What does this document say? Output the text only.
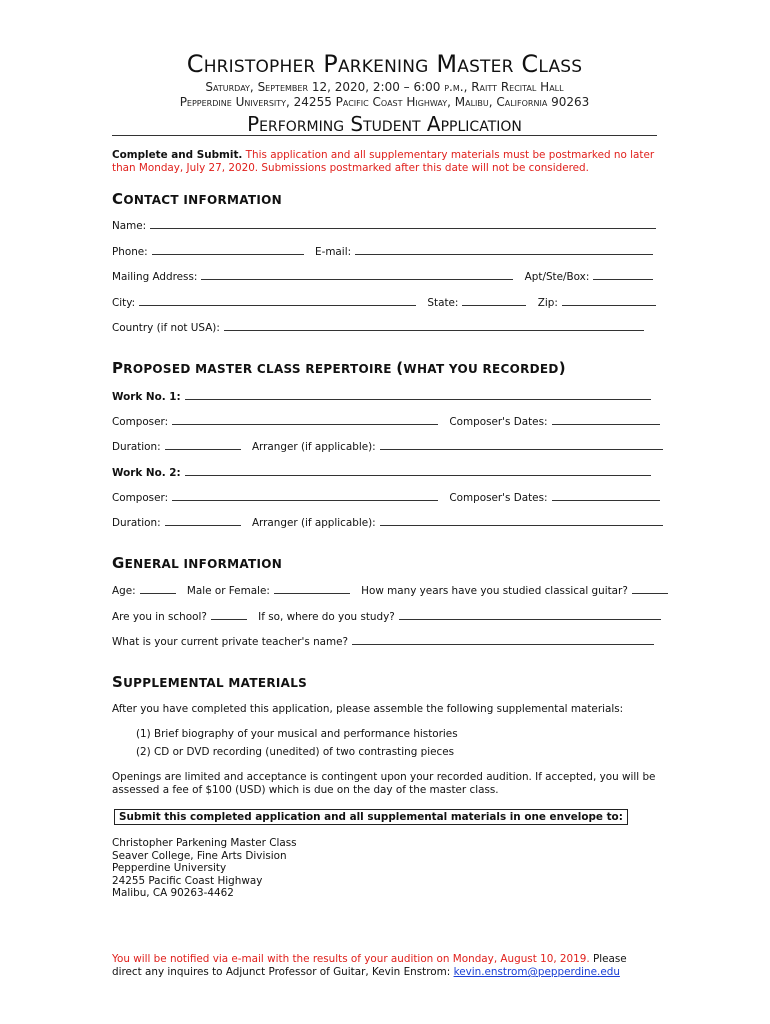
Christopher Parkening Master Class
Saturday, September 12, 2020, 2:00 – 6:00 p.m., Raitt Recital Hall
Pepperdine University, 24255 Pacific Coast Highway, Malibu, California 90263
Performing Student Application
Complete and Submit. This application and all supplementary materials must be postmarked no later than Monday, July 27, 2020. Submissions postmarked after this date will not be considered.
CONTACT INFORMATION
Name:
Phone:	E-mail:
Mailing Address:	Apt/Ste/Box:
City:	State:	Zip:
Country (if not USA):
PROPOSED MASTER CLASS REPERTOIRE (WHAT YOU RECORDED)
Work No. 1:
Composer:	Composer's Dates:
Duration:	Arranger (if applicable):
Work No. 2:
Composer:	Composer's Dates:
Duration:	Arranger (if applicable):
GENERAL INFORMATION
Age:	Male or Female:	How many years have you studied classical guitar?
Are you in school?	If so, where do you study?
What is your current private teacher's name?
SUPPLEMENTAL MATERIALS
After you have completed this application, please assemble the following supplemental materials:
(1) Brief biography of your musical and performance histories
(2) CD or DVD recording (unedited) of two contrasting pieces
Openings are limited and acceptance is contingent upon your recorded audition. If accepted, you will be assessed a fee of $100 (USD) which is due on the day of the master class.
Submit this completed application and all supplemental materials in one envelope to:
Christopher Parkening Master Class
Seaver College, Fine Arts Division
Pepperdine University
24255 Pacific Coast Highway
Malibu, CA 90263-4462
You will be notified via e-mail with the results of your audition on Monday, August 10, 2019. Please direct any inquires to Adjunct Professor of Guitar, Kevin Enstrom: kevin.enstrom@pepperdine.edu
